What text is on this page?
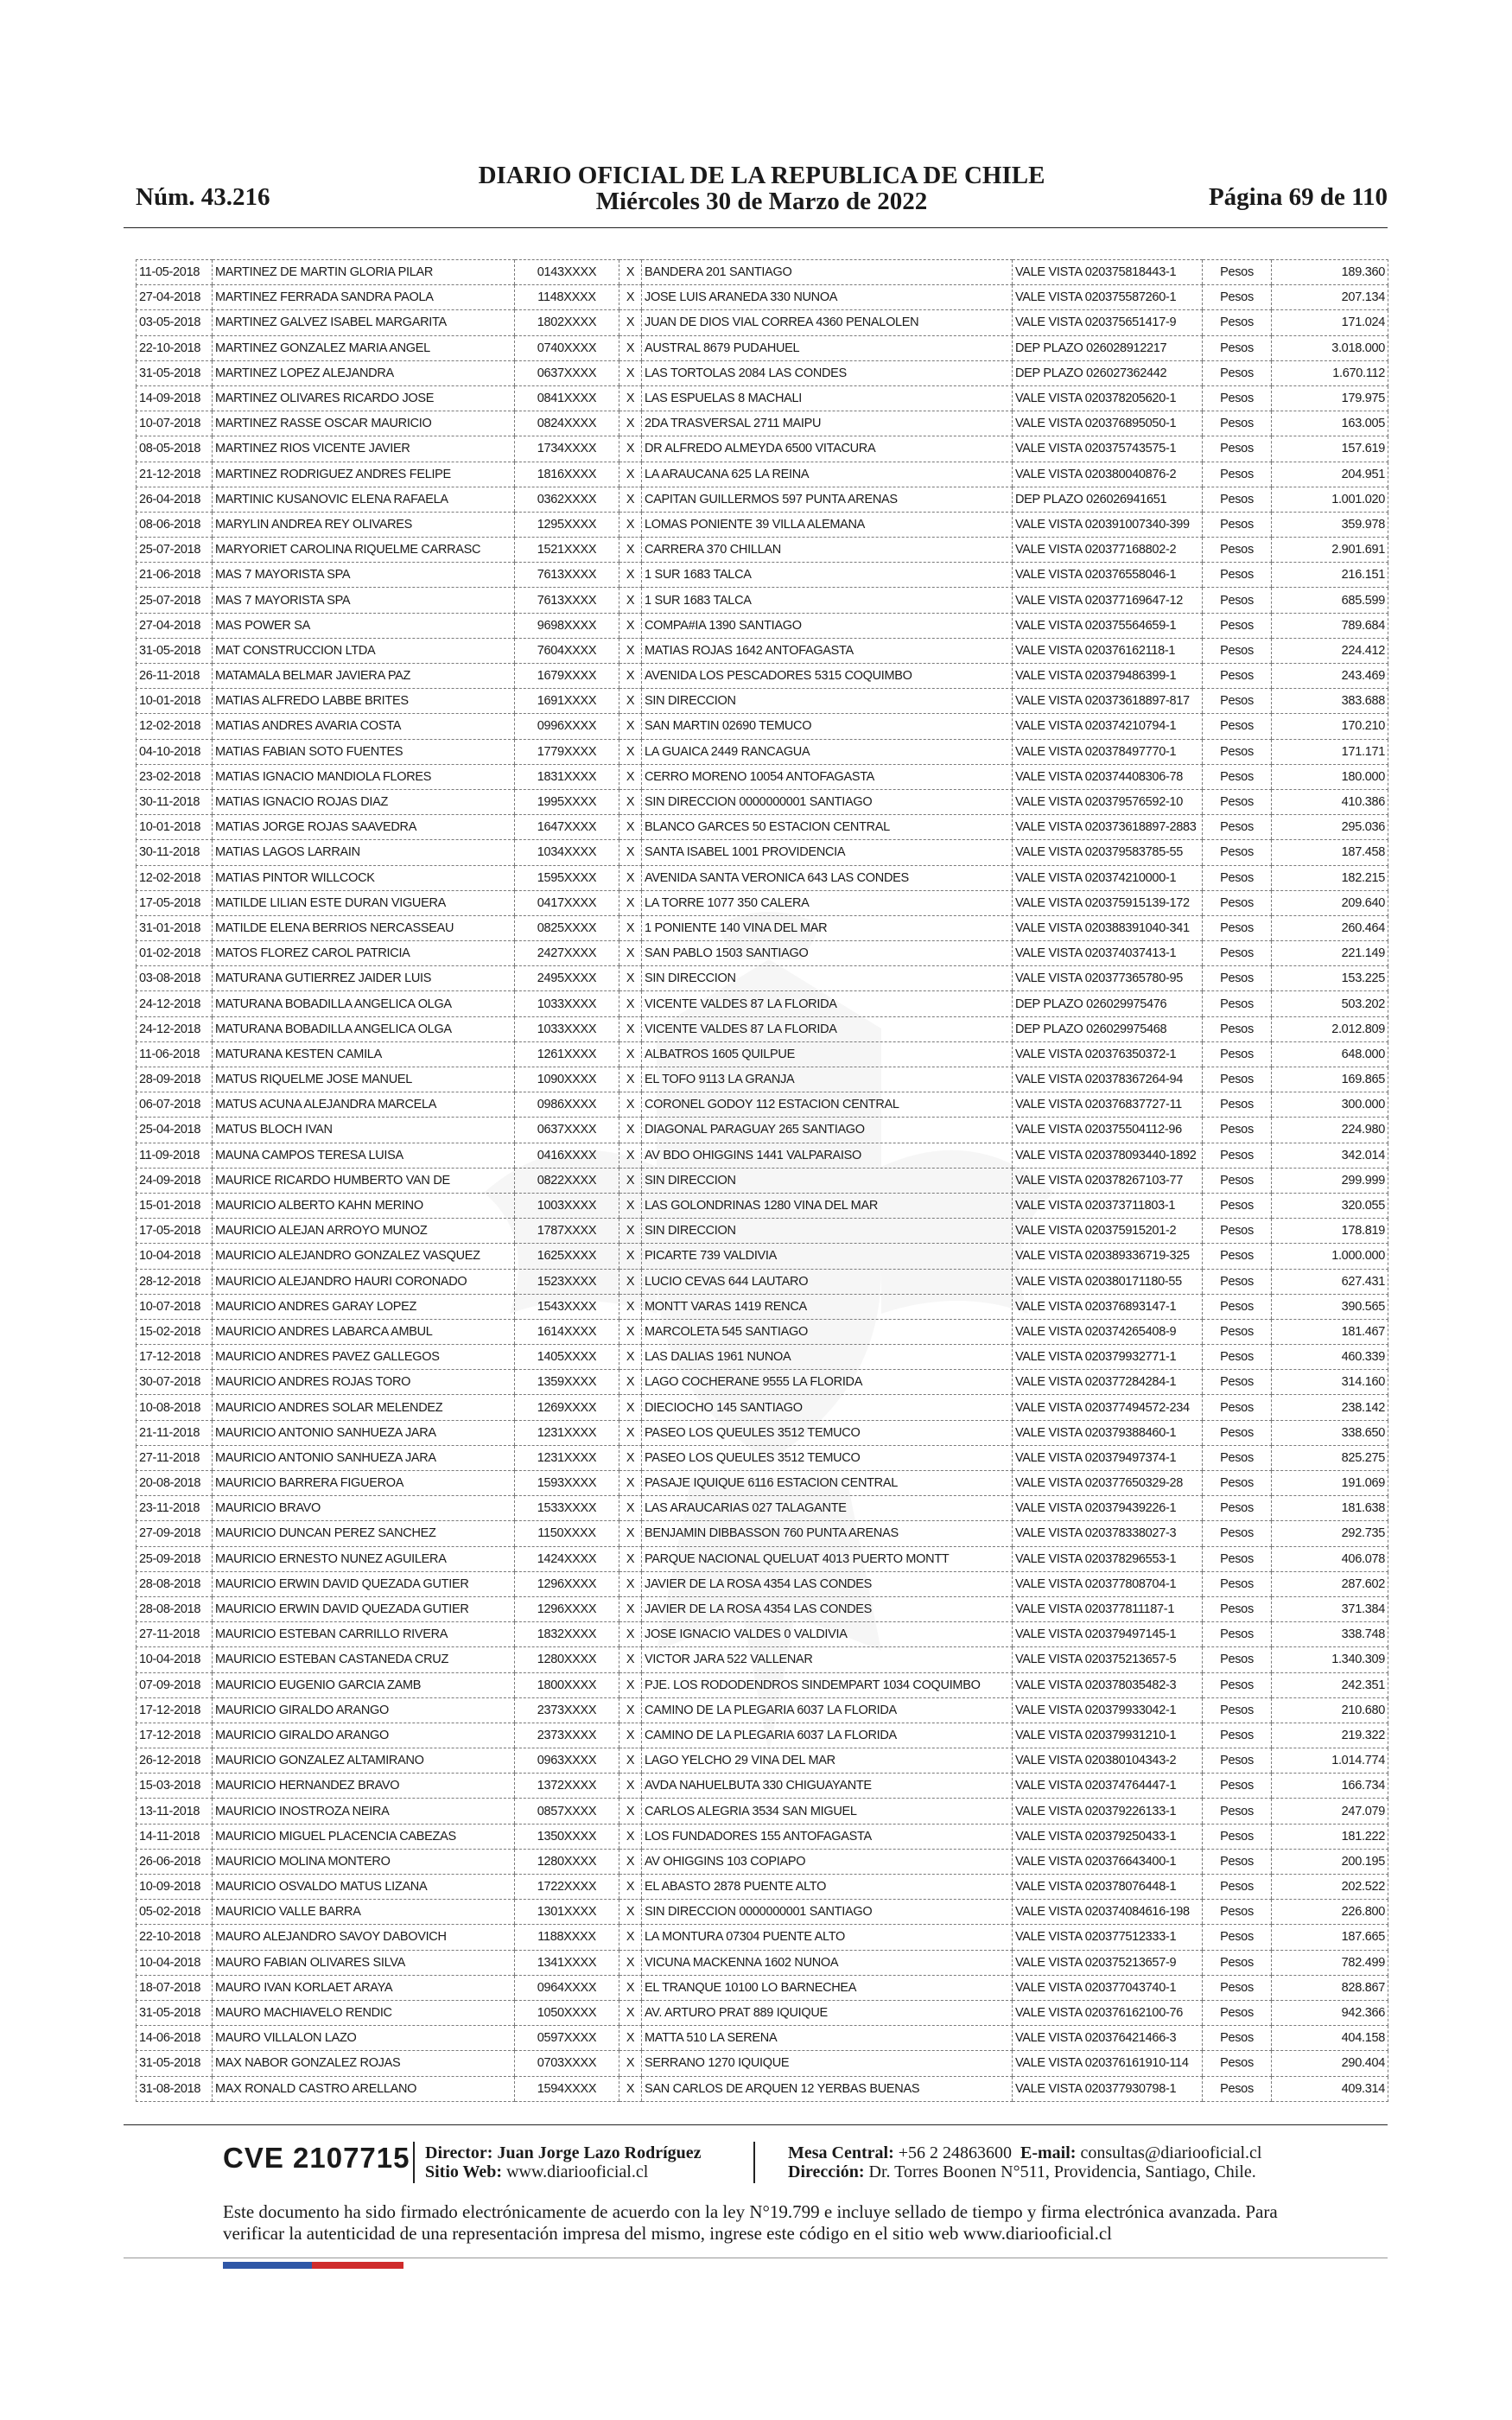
Núm. 43.216
DIARIO OFICIAL DE LA REPUBLICA DE CHILE
Miércoles 30 de Marzo de 2022	Página 69 de 110
11-05-2018	MARTINEZ DE MARTIN GLORIA PILAR	0143XXXX	X	BANDERA 201 SANTIAGO	VALE VISTA 020375818443-1	Pesos	189.360
27-04-2018	MARTINEZ FERRADA SANDRA PAOLA	1148XXXX	X	JOSE LUIS ARANEDA 330 NUNOA	VALE VISTA 020375587260-1	Pesos	207.134
03-05-2018	MARTINEZ GALVEZ ISABEL MARGARITA	1802XXXX	X	JUAN DE DIOS VIAL CORREA 4360 PENALOLEN	VALE VISTA 020375651417-9	Pesos	171.024
22-10-2018	MARTINEZ GONZALEZ MARIA ANGEL	0740XXXX	X	AUSTRAL 8679 PUDAHUEL	DEP PLAZO 026028912217	Pesos	3.018.000
31-05-2018	MARTINEZ LOPEZ ALEJANDRA	0637XXXX	X	LAS TORTOLAS 2084 LAS CONDES	DEP PLAZO 026027362442	Pesos	1.670.112
14-09-2018	MARTINEZ OLIVARES RICARDO JOSE	0841XXXX	X	LAS ESPUELAS 8 MACHALI	VALE VISTA 020378205620-1	Pesos	179.975
10-07-2018	MARTINEZ RASSE OSCAR MAURICIO	0824XXXX	X	2DA TRASVERSAL 2711 MAIPU	VALE VISTA 020376895050-1	Pesos	163.005
08-05-2018	MARTINEZ RIOS VICENTE JAVIER	1734XXXX	X	DR ALFREDO ALMEYDA 6500 VITACURA	VALE VISTA 020375743575-1	Pesos	157.619
21-12-2018	MARTINEZ RODRIGUEZ ANDRES FELIPE	1816XXXX	X	LA ARAUCANA 625 LA REINA	VALE VISTA 020380040876-2	Pesos	204.951
26-04-2018	MARTINIC KUSANOVIC ELENA RAFAELA	0362XXXX	X	CAPITAN GUILLERMOS 597 PUNTA ARENAS	DEP PLAZO 026026941651	Pesos	1.001.020
08-06-2018	MARYLIN ANDREA REY OLIVARES	1295XXXX	X	LOMAS PONIENTE 39 VILLA ALEMANA	VALE VISTA 020391007340-399	Pesos	359.978
25-07-2018	MARYORIET CAROLINA RIQUELME CARRASC	1521XXXX	X	CARRERA 370 CHILLAN	VALE VISTA 020377168802-2	Pesos	2.901.691
21-06-2018	MAS 7 MAYORISTA SPA	7613XXXX	X	1 SUR 1683 TALCA	VALE VISTA 020376558046-1	Pesos	216.151
25-07-2018	MAS 7 MAYORISTA SPA	7613XXXX	X	1 SUR 1683 TALCA	VALE VISTA 020377169647-12	Pesos	685.599
27-04-2018	MAS POWER SA	9698XXXX	X	COMPA#IA 1390 SANTIAGO	VALE VISTA 020375564659-1	Pesos	789.684
31-05-2018	MAT CONSTRUCCION LTDA	7604XXXX	X	MATIAS ROJAS 1642 ANTOFAGASTA	VALE VISTA 020376162118-1	Pesos	224.412
26-11-2018	MATAMALA BELMAR JAVIERA PAZ	1679XXXX	X	AVENIDA LOS PESCADORES 5315 COQUIMBO	VALE VISTA 020379486399-1	Pesos	243.469
10-01-2018	MATIAS ALFREDO LABBE BRITES	1691XXXX	X	SIN DIRECCION	VALE VISTA 020373618897-817	Pesos	383.688
12-02-2018	MATIAS ANDRES AVARIA COSTA	0996XXXX	X	SAN MARTIN 02690 TEMUCO	VALE VISTA 020374210794-1	Pesos	170.210
04-10-2018	MATIAS FABIAN SOTO FUENTES	1779XXXX	X	LA GUAICA 2449 RANCAGUA	VALE VISTA 020378497770-1	Pesos	171.171
23-02-2018	MATIAS IGNACIO MANDIOLA FLORES	1831XXXX	X	CERRO MORENO 10054 ANTOFAGASTA	VALE VISTA 020374408306-78	Pesos	180.000
30-11-2018	MATIAS IGNACIO ROJAS DIAZ	1995XXXX	X	SIN DIRECCION 0000000001 SANTIAGO	VALE VISTA 020379576592-10	Pesos	410.386
10-01-2018	MATIAS JORGE ROJAS SAAVEDRA	1647XXXX	X	BLANCO GARCES 50 ESTACION CENTRAL	VALE VISTA 020373618897-2883	Pesos	295.036
30-11-2018	MATIAS LAGOS LARRAIN	1034XXXX	X	SANTA ISABEL 1001 PROVIDENCIA	VALE VISTA 020379583785-55	Pesos	187.458
12-02-2018	MATIAS PINTOR WILLCOCK	1595XXXX	X	AVENIDA SANTA VERONICA 643 LAS CONDES	VALE VISTA 020374210000-1	Pesos	182.215
17-05-2018	MATILDE LILIAN ESTE DURAN VIGUERA	0417XXXX	X	LA TORRE 1077 350 CALERA	VALE VISTA 020375915139-172	Pesos	209.640
31-01-2018	MATILDE ELENA BERRIOS NERCASSEAU	0825XXXX	X	1 PONIENTE 140 VINA DEL MAR	VALE VISTA 020388391040-341	Pesos	260.464
01-02-2018	MATOS FLOREZ CAROL PATRICIA	2427XXXX	X	SAN PABLO 1503 SANTIAGO	VALE VISTA 020374037413-1	Pesos	221.149
03-08-2018	MATURANA GUTIERREZ JAIDER LUIS	2495XXXX	X	SIN DIRECCION	VALE VISTA 020377365780-95	Pesos	153.225
24-12-2018	MATURANA BOBADILLA ANGELICA OLGA	1033XXXX	X	VICENTE VALDES 87 LA FLORIDA	DEP PLAZO 026029975476	Pesos	503.202
24-12-2018	MATURANA BOBADILLA ANGELICA OLGA	1033XXXX	X	VICENTE VALDES 87 LA FLORIDA	DEP PLAZO 026029975468	Pesos	2.012.809
11-06-2018	MATURANA KESTEN CAMILA	1261XXXX	X	ALBATROS 1605 QUILPUE	VALE VISTA 020376350372-1	Pesos	648.000
28-09-2018	MATUS RIQUELME JOSE MANUEL	1090XXXX	X	EL TOFO 9113 LA GRANJA	VALE VISTA 020378367264-94	Pesos	169.865
06-07-2018	MATUS ACUNA ALEJANDRA MARCELA	0986XXXX	X	CORONEL GODOY 112 ESTACION CENTRAL	VALE VISTA 020376837727-11	Pesos	300.000
25-04-2018	MATUS BLOCH IVAN	0637XXXX	X	DIAGONAL PARAGUAY 265 SANTIAGO	VALE VISTA 020375504112-96	Pesos	224.980
11-09-2018	MAUNA CAMPOS TERESA LUISA	0416XXXX	X	AV BDO OHIGGINS 1441 VALPARAISO	VALE VISTA 020378093440-1892	Pesos	342.014
24-09-2018	MAURICE RICARDO HUMBERTO VAN DE	0822XXXX	X	SIN DIRECCION	VALE VISTA 020378267103-77	Pesos	299.999
15-01-2018	MAURICIO ALBERTO KAHN MERINO	1003XXXX	X	LAS GOLONDRINAS 1280 VINA DEL MAR	VALE VISTA 020373711803-1	Pesos	320.055
17-05-2018	MAURICIO ALEJAN ARROYO MUNOZ	1787XXXX	X	SIN DIRECCION	VALE VISTA 020375915201-2	Pesos	178.819
10-04-2018	MAURICIO ALEJANDRO GONZALEZ VASQUEZ	1625XXXX	X	PICARTE 739 VALDIVIA	VALE VISTA 020389336719-325	Pesos	1.000.000
28-12-2018	MAURICIO ALEJANDRO HAURI CORONADO	1523XXXX	X	LUCIO CEVAS 644 LAUTARO	VALE VISTA 020380171180-55	Pesos	627.431
10-07-2018	MAURICIO ANDRES GARAY LOPEZ	1543XXXX	X	MONTT VARAS 1419 RENCA	VALE VISTA 020376893147-1	Pesos	390.565
15-02-2018	MAURICIO ANDRES LABARCA AMBUL	1614XXXX	X	MARCOLETA 545 SANTIAGO	VALE VISTA 020374265408-9	Pesos	181.467
17-12-2018	MAURICIO ANDRES PAVEZ GALLEGOS	1405XXXX	X	LAS DALIAS 1961 NUNOA	VALE VISTA 020379932771-1	Pesos	460.339
30-07-2018	MAURICIO ANDRES ROJAS TORO	1359XXXX	X	LAGO COCHERANE 9555 LA FLORIDA	VALE VISTA 020377284284-1	Pesos	314.160
10-08-2018	MAURICIO ANDRES SOLAR MELENDEZ	1269XXXX	X	DIECIOCHO 145 SANTIAGO	VALE VISTA 020377494572-234	Pesos	238.142
21-11-2018	MAURICIO ANTONIO SANHUEZA JARA	1231XXXX	X	PASEO LOS QUEULES 3512 TEMUCO	VALE VISTA 020379388460-1	Pesos	338.650
27-11-2018	MAURICIO ANTONIO SANHUEZA JARA	1231XXXX	X	PASEO LOS QUEULES 3512 TEMUCO	VALE VISTA 020379497374-1	Pesos	825.275
20-08-2018	MAURICIO BARRERA FIGUEROA	1593XXXX	X	PASAJE IQUIQUE 6116 ESTACION CENTRAL	VALE VISTA 020377650329-28	Pesos	191.069
23-11-2018	MAURICIO BRAVO	1533XXXX	X	LAS ARAUCARIAS 027 TALAGANTE	VALE VISTA 020379439226-1	Pesos	181.638
27-09-2018	MAURICIO DUNCAN PEREZ SANCHEZ	1150XXXX	X	BENJAMIN DIBBASSON 760 PUNTA ARENAS	VALE VISTA 020378338027-3	Pesos	292.735
25-09-2018	MAURICIO ERNESTO NUNEZ AGUILERA	1424XXXX	X	PARQUE NACIONAL QUELUAT 4013 PUERTO MONTT	VALE VISTA 020378296553-1	Pesos	406.078
28-08-2018	MAURICIO ERWIN DAVID QUEZADA GUTIER	1296XXXX	X	JAVIER DE LA ROSA 4354 LAS CONDES	VALE VISTA 020377808704-1	Pesos	287.602
28-08-2018	MAURICIO ERWIN DAVID QUEZADA GUTIER	1296XXXX	X	JAVIER DE LA ROSA 4354 LAS CONDES	VALE VISTA 020377811187-1	Pesos	371.384
27-11-2018	MAURICIO ESTEBAN CARRILLO RIVERA	1832XXXX	X	JOSE IGNACIO VALDES 0 VALDIVIA	VALE VISTA 020379497145-1	Pesos	338.748
10-04-2018	MAURICIO ESTEBAN CASTANEDA CRUZ	1280XXXX	X	VICTOR JARA 522 VALLENAR	VALE VISTA 020375213657-5	Pesos	1.340.309
07-09-2018	MAURICIO EUGENIO GARCIA ZAMB	1800XXXX	X	PJE. LOS RODODENDROS SINDEMPART 1034 COQUIMBO	VALE VISTA 020378035482-3	Pesos	242.351
17-12-2018	MAURICIO GIRALDO ARANGO	2373XXXX	X	CAMINO DE LA PLEGARIA 6037 LA FLORIDA	VALE VISTA 020379933042-1	Pesos	210.680
17-12-2018	MAURICIO GIRALDO ARANGO	2373XXXX	X	CAMINO DE LA PLEGARIA 6037 LA FLORIDA	VALE VISTA 020379931210-1	Pesos	219.322
26-12-2018	MAURICIO GONZALEZ ALTAMIRANO	0963XXXX	X	LAGO YELCHO 29 VINA DEL MAR	VALE VISTA 020380104343-2	Pesos	1.014.774
15-03-2018	MAURICIO HERNANDEZ BRAVO	1372XXXX	X	AVDA NAHUELBUTA 330 CHIGUAYANTE	VALE VISTA 020374764447-1	Pesos	166.734
13-11-2018	MAURICIO INOSTROZA NEIRA	0857XXXX	X	CARLOS ALEGRIA 3534 SAN MIGUEL	VALE VISTA 020379226133-1	Pesos	247.079
14-11-2018	MAURICIO MIGUEL PLACENCIA CABEZAS	1350XXXX	X	LOS FUNDADORES 155 ANTOFAGASTA	VALE VISTA 020379250433-1	Pesos	181.222
26-06-2018	MAURICIO MOLINA MONTERO	1280XXXX	X	AV OHIGGINS 103 COPIAPO	VALE VISTA 020376643400-1	Pesos	200.195
10-09-2018	MAURICIO OSVALDO MATUS LIZANA	1722XXXX	X	EL ABASTO 2878 PUENTE ALTO	VALE VISTA 020378076448-1	Pesos	202.522
05-02-2018	MAURICIO VALLE BARRA	1301XXXX	X	SIN DIRECCION 0000000001 SANTIAGO	VALE VISTA 020374084616-198	Pesos	226.800
22-10-2018	MAURO ALEJANDRO SAVOY DABOVICH	1188XXXX	X	LA MONTURA 07304 PUENTE ALTO	VALE VISTA 020377512333-1	Pesos	187.665
10-04-2018	MAURO FABIAN OLIVARES SILVA	1341XXXX	X	VICUNA MACKENNA 1602 NUNOA	VALE VISTA 020375213657-9	Pesos	782.499
18-07-2018	MAURO IVAN KORLAET ARAYA	0964XXXX	X	EL TRANQUE 10100 LO BARNECHEA	VALE VISTA 020377043740-1	Pesos	828.867
31-05-2018	MAURO MACHIAVELO RENDIC	1050XXXX	X	AV. ARTURO PRAT 889 IQUIQUE	VALE VISTA 020376162100-76	Pesos	942.366
14-06-2018	MAURO VILLALON LAZO	0597XXXX	X	MATTA 510 LA SERENA	VALE VISTA 020376421466-3	Pesos	404.158
31-05-2018	MAX NABOR GONZALEZ ROJAS	0703XXXX	X	SERRANO 1270 IQUIQUE	VALE VISTA 020376161910-114	Pesos	290.404
31-08-2018	MAX RONALD CASTRO ARELLANO	1594XXXX	X	SAN CARLOS DE ARQUEN 12 YERBAS BUENAS	VALE VISTA 020377930798-1	Pesos	409.314
CVE 2107715 Director: Juan Jorge Lazo Rodríguez
Sitio Web: www.diariooficial.cl
Mesa Central: +56 2 24863600 E-mail: consultas@diariooficial.cl
Dirección: Dr. Torres Boonen N°511, Providencia, Santiago, Chile.
Este documento ha sido firmado electrónicamente de acuerdo con la ley N°19.799 e incluye sellado de tiempo y firma electrónica avanzada. Para verificar la autenticidad de una representación impresa del mismo, ingrese este código en el sitio web www.diariooficial.cl
